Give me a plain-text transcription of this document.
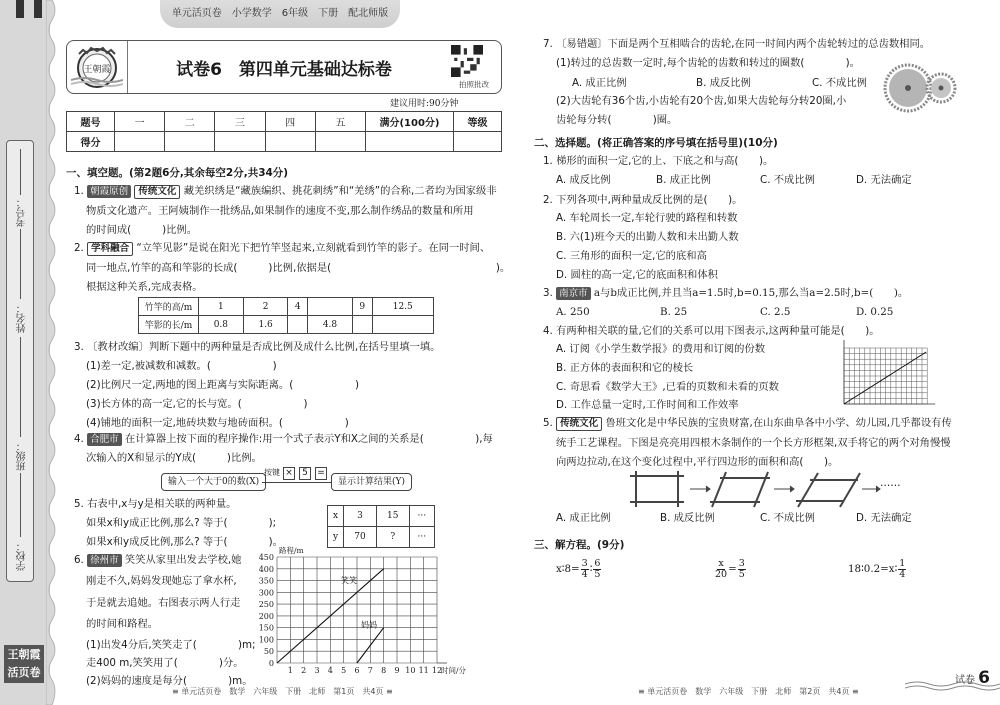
考号：
姓名：
班级：
学校：
王朝霞
活页卷
单元活页卷　小学数学　6年级　下册　配北师版
王朝霞	试卷6　第四单元基础达标卷
拍照批改
建议用时:90分钟
题号	一	二	三	四	五	满分(100分)	等级
得分							
一、填空题。(第2题6分,其余每空2分,共34分)
1. 朝霞原创 传统文化 藏羌织绣是“藏族编织、挑花刺绣”和“羌绣”的合称,二者均为国家级非
物质文化遗产。王阿姨制作一批绣品,如果制作的速度不变,那么制作绣品的数量和所用
的时间成(　　　)比例。
2. 学科融合 “立竿见影”是说在阳光下把竹竿竖起来,立刻就看到竹竿的影子。在同一时间、
同一地点,竹竿的高和竿影的长成(　　　)比例,依据是(　　　　　　　　　　　　　　　　)。
根据这种关系,完成表格。
竹竿的高/m	1	2	4		9	12.5
竿影的长/m	0.8	1.6		4.8		
3. 〔教材改编〕判断下题中的两种量是否成比例及成什么比例,在括号里填一填。
(1)差一定,被减数和减数。(　　　　　　)
(2)比例尺一定,两地的图上距离与实际距离。(　　　　　　)
(3)长方体的高一定,它的长与宽。(　　　　　　)
(4)铺地的面积一定,地砖块数与地砖面积。(　　　　　　)
4. 合肥市 在计算器上按下面的程序操作:用一个式子表示Y和X之间的关系是(　　　　　),每
次输入的X和显示的Y成(　　　)比例。
输入一个大于0的数(X)
按键 ×	5	=
显示计算结果(Y)
5. 右表中,x与y是相关联的两种量。
如果x和y成正比例,那么? 等于(　　　　);
如果x和y成反比例,那么? 等于(　　　　)。
x	3	15	···
y	70	?	···
6. 徐州市 笑笑从家里出发去学校,她
刚走不久,妈妈发现她忘了拿水杯,
于是就去追她。右图表示两人行走
的时间和路程。
(1)出发4分后,笑笑走了(　　　　)m;
走400 m,笑笑用了(　　　　)分。
(2)妈妈的速度是每分(　　　　)m。
1 2 3 4 5 6 7 8 9 10 11 12
0
50
100
150
200
250
300
350
400
450
时间/分
路程/m
笑笑
妈妈
≡ 单元活页卷　数学　六年级　下册　北师　第1页　共4页 ≡
7. 〔易错题〕下面是两个互相啮合的齿轮,在同一时间内两个齿轮转过的总齿数相同。
(1)转过的总齿数一定时,每个齿轮的齿数和转过的圈数(　　　　)。
A. 成正比例	B. 成反比例	C. 不成比例
(2)大齿轮有36个齿,小齿轮有20个齿,如果大齿轮每分转20圈,小
齿轮每分转(　　　　)圈。
二、选择题。(将正确答案的序号填在括号里)(10分)
1. 梯形的面积一定,它的上、下底之和与高(　　)。
A. 成反比例	B. 成正比例	C. 不成比例	D. 无法确定
2. 下列各项中,两种量成反比例的是(　　)。
A. 车轮周长一定,车轮行驶的路程和转数
B. 六(1)班今天的出勤人数和未出勤人数
C. 三角形的面积一定,它的底和高
D. 圆柱的高一定,它的底面积和体积
3. 南京市 a与b成正比例,并且当a=1.5时,b=0.15,那么当a=2.5时,b=(　　)。
A. 250	B. 25	C. 2.5	D. 0.25
4. 有两种相关联的量,它们的关系可以用下图表示,这两种量可能是(　　)。
A. 订阅《小学生数学报》的费用和订阅的份数
B. 正方体的表面积和它的棱长
C. 奇思看《数学大王》,已看的页数和未看的页数
D. 工作总量一定时,工作时间和工作效率
5. 传统文化 鲁班文化是中华民族的宝贵财富,在山东曲阜各中小学、幼儿园,几乎都设有传
统手工艺课程。下图是亮亮用四根木条制作的一个长方形框架,双手将它的两个对角慢慢
向两边拉动,在这个变化过程中,平行四边形的面积和高(　　)。
……
A. 成正比例	B. 成反比例	C. 不成比例	D. 无法确定
三、解方程。(9分)
x∶8= $\frac{3}{4}$ ∶ $\frac{6}{5}$	$\frac{x}{20} = \frac{3}{5}$	18∶0.2=x∶ $\frac{1}{4}$
≡ 单元活页卷　数学　六年级　下册　北师　第2页　共4页 ≡
试卷 6
